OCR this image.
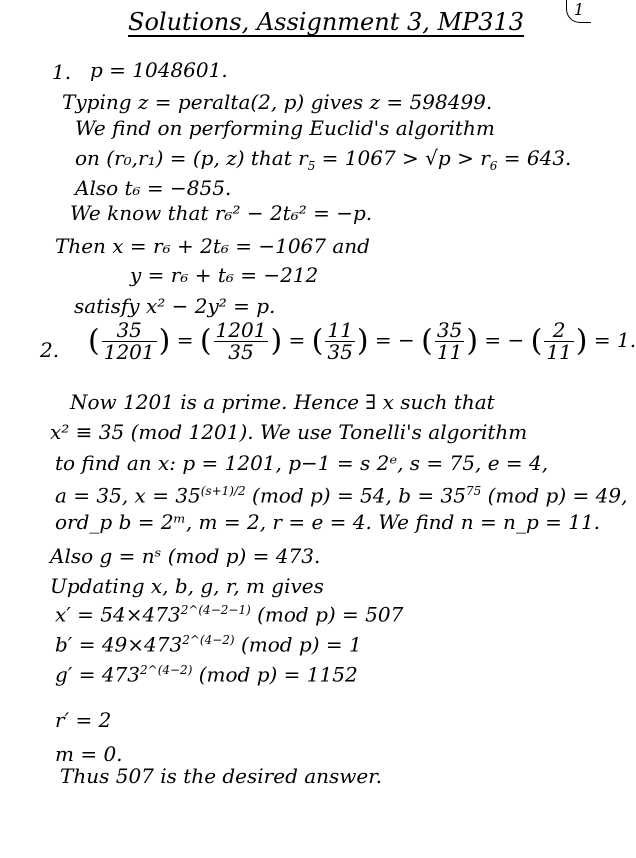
Solutions, Assignment 3, MP313	1
1. p = 1048601.
Typing z = peralta(2, p) gives z = 598499.
We find on performing Euclid's algorithm
on (r₀,r₁) = (p, z) that $r_5 = 1067 > √p > r_6 = 643$.
Also t₆ = −855.
We know that r₆² − 2t₆² = −p.
Then x = r₆ + 2t₆ = −1067 and
y = r₆ + t₆ = −212
satisfy x² − 2y² = p.
2. ( $\frac{35}{1201}$ ) = ( $\frac{1201}{35}$ ) = ( $\frac{11}{35}$ ) = − ( $\frac{35}{11}$ ) = − ( $\frac{2}{11}$ ) = 1.
Now 1201 is a prime. Hence ∃ x such that
x² ≡ 35 (mod 1201). We use Tonelli's algorithm
to find an x: p = 1201, p−1 = s 2ᵉ, s = 75, e = 4,
a = 35, $x = 35^{(s+1)/2}$ (mod p) = 54, $b = 35^{75}$ (mod p) = 49,
ord_p b = 2ᵐ, m = 2, r = e = 4. We find n = n_p = 11.
Also g = nˢ (mod p) = 473.
Updating x, b, g, r, m gives
$x' = 54\times 473^{2\^{}(4-2-1)}$ (mod p) = 507
$b' = 49\times 473^{2\^{}(4-2)}$ (mod p) = 1
$g' = 473^{2\^{}(4-2)}$ (mod p) = 1152
r′ = 2
m = 0.
Thus 507 is the desired answer.
